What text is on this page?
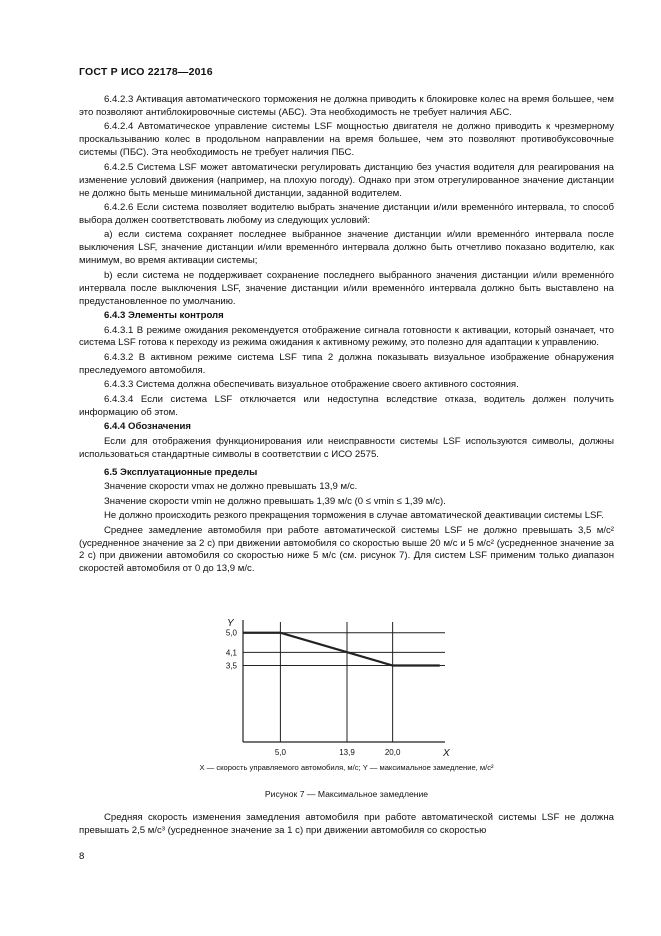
ГОСТ Р ИСО 22178—2016

6.4.2.3 Активация автоматического торможения не должна приводить к блокировке колес на время большее, чем это позволяют антиблокировочные системы (АБС). Эта необходимость не требует наличия АБС.

6.4.2.4 Автоматическое управление системы LSF мощностью двигателя не должно приводить к чрезмерному проскальзыванию колес в продольном направлении на время большее, чем это позволяют противобуксовочные системы (ПБС). Эта необходимость не требует наличия ПБС.

6.4.2.5 Система LSF может автоматически регулировать дистанцию без участия водителя для реагирования на изменение условий движения (например, на плохую погоду). Однако при этом отрегулированное значение дистанции не должно быть меньше минимальной дистанции, заданной водителем.

6.4.2.6 Если система позволяет водителю выбрать значение дистанции и/или временно́го интервала, то способ выбора должен соответствовать любому из следующих условий:

а) если система сохраняет последнее выбранное значение дистанции и/или временно́го интервала после выключения LSF, значение дистанции и/или временно́го интервала должно быть отчетливо показано водителю, как минимум, во время активации системы;

b) если система не поддерживает сохранение последнего выбранного значения дистанции и/или временно́го интервала после выключения LSF, значение дистанции и/или временно́го интервала должно быть выставлено на предустановленное по умолчанию.

6.4.3 Элементы контроля

6.4.3.1 В режиме ожидания рекомендуется отображение сигнала готовности к активации, который означает, что система LSF готова к переходу из режима ожидания к активному режиму, это полезно для адаптации к управлению.

6.4.3.2 В активном режиме система LSF типа 2 должна показывать визуальное изображение обнаружения преследуемого автомобиля.

6.4.3.3 Система должна обеспечивать визуальное отображение своего активного состояния.

6.4.3.4 Если система LSF отключается или недоступна вследствие отказа, водитель должен получить информацию об этом.

6.4.4 Обозначения

Если для отображения функционирования или неисправности системы LSF используются символы, должны использоваться стандартные символы в соответствии с ИСО 2575.

6.5 Эксплуатационные пределы

Значение скорости vmax не должно превышать 13,9 м/с.

Значение скорости vmin не должно превышать 1,39 м/с (0 ≤ vmin ≤ 1,39 м/с).

Не должно происходить резкого прекращения торможения в случае автоматической деактивации системы LSF.

Среднее замедление автомобиля при работе автоматической системы LSF не должно превышать 3,5 м/с² (усредненное значение за 2 с) при движении автомобиля со скоростью выше 20 м/с и 5 м/с² (усредненное значение за 2 с) при движении автомобиля со скоростью ниже 5 м/с (см. рисунок 7). Для систем LSF применим только диапазон скоростей автомобиля от 0 до 13,9 м/с.

5,0
4,1
3,5
5,0	13,9	20,0	X
Y
X — скорость управляемого автомобиля, м/с; Y — максимальное замедление, м/с²
Рисунок 7 — Максимальное замедление

Средняя скорость изменения замедления автомобиля при работе автоматической системы LSF не должна превышать 2,5 м/с³ (усредненное значение за 1 с) при движении автомобиля со скоростью

8
